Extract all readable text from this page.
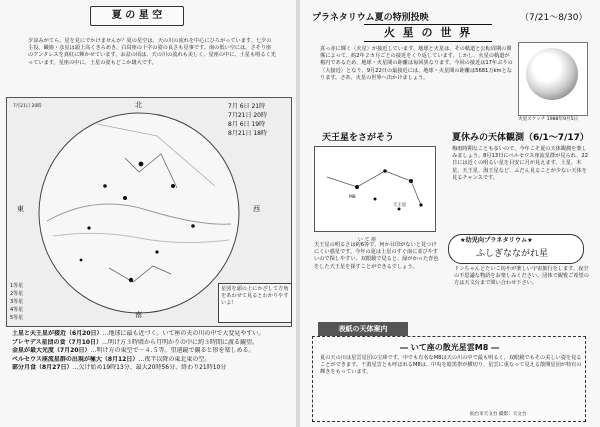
夏 の 星 空
夕涼みがてら、星を見にでかけませんか？夏の星空は、天の川の流れを中心にひろがっています。七夕の主役、織姫・彦星は頭上高くきらめき、白鳥座の十字の姿の良さも見事です。南の低い空には、さそり座のアンタレスを真紅に輝かせています。お盆の頃は、天の川の流れも美しく、星座の中に、土星も明るく光っています。星座の中に、土星の姿もどこか雄大です。
7月21日 20時	北
東	西
南
7月 6日 21時
7月21日 20時
8月 6日 19時
8月21日 18時
1等星
2等星
3等星
4等星
5等星
星図を頭の上にかざして方角をあわせて見るとわかりやすいよ！
土星と天王星が接近（6月20日）…地球に最も近づく。いて座の天の川の中で大変見やすい。
プレヤデス星団の食（7月10日）…明け方３時頃から月明かりの中に約３時間に渡る観望。
金星が最大光度（7月20日）…明け方の東空で－４.５等。望遠鏡で観ると形を楽しめる。
ペルセウス座流星群の出現が極大（8月12日）…夜半以降の東北東の空。
部分月食（8月27日）…欠け始め19時13分、最大20時56分、終わり21時10分
プラネタリウム夏の特別投映	（7/21～8/30）
火 星 の 世 界
真っ赤に輝く〈火星〉が接近しています。地球と火星は、その軌道と公転周期の関係によって、約2年２カ月ごとの接近をくり返しています。しかし、火星の軌道が楕円であるため、地球・火星間の距離は毎回異なります。今回の接近は17年ぶりの〈大接近〉となり、9月22日の最接近には、地球・火星間の距離は5681万kmとなります。さあ、火星の世界へ出かけましょう。
火星スケッチ 1988年9月5日
天王星をさがそう
M8
天王星
い て 座
天王星の明るさは約6等で、何か目印がないと見つけにくい惑星です。今年の夏は土星のすぐ南に並びやすいので探しやすい。双眼鏡で見ると、緑がかった青色をした天王星を探すことができるでしょう。
夏休みの天体観測（6/1～7/17）
梅雨時期なことも多いので、今年こそ夏の天体観測を楽しみましょう。8月13日にペルセウス座流星群が見られ、22日には近くの明るい星を目安に月が見えます。土星、木星、天王星、海王星など、ふだん見ることが少ない天体を見るチャンスです。
★幼児向プラネタリウム★
ふしぎなながれ星
ドンちゃんとたいこ坊やが楽しい宇宙旅行をします。夜空の不思議な物語をお楽しみください。団体で観覧ご希望の方は天文台まで問い合わせ下さい。
表紙の天体案内
― いて座の散光星雲M8 ―
夏の天の川は星雲星団の宝庫です。中でも有名なM8は天の川の中で最も明るく、双眼鏡でもその美しい姿を見ることができます。干潟星雲とも呼ばれるM8は、中央を暗黒帯が横切り、星雲に重なって見える散開星団が特有の輝きをもっています。
仙台市天文台 撮影：天文台
